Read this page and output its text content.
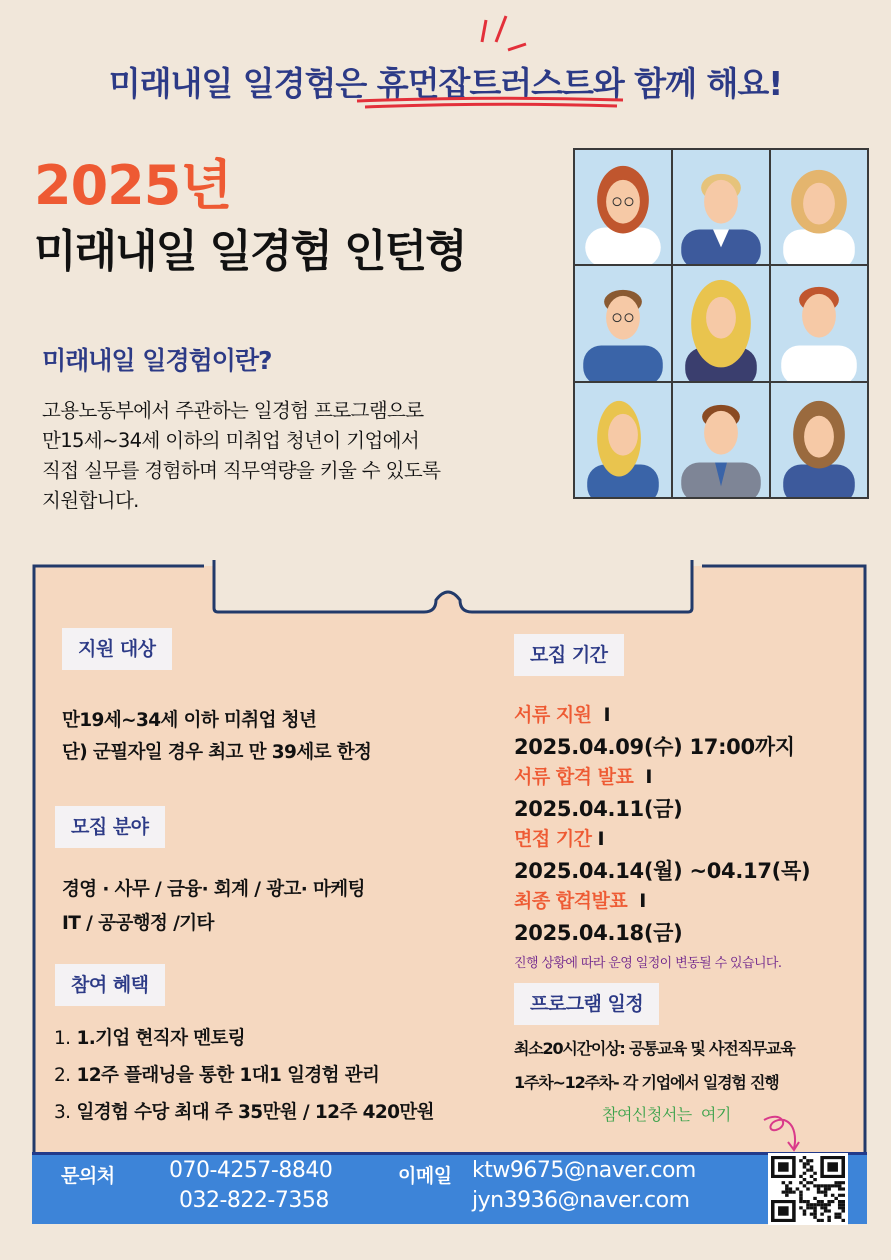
미래내일 일경험은 휴먼잡트러스트와 함께 해요!
2025년
미래내일 일경험 인턴형
미래내일 일경험이란?
고용노동부에서 주관하는 일경험 프로그램으로
만15세~34세 이하의 미취업 청년이 기업에서
직접 실무를 경험하며 직무역량을 키울 수 있도록
지원합니다.
지원 대상
만19세~34세 이하 미취업 청년
단) 군필자일 경우 최고 만 39세로 한정
모집 분야
경영 · 사무 / 금융· 회계 / 광고· 마케팅
IT / 공공행정 /기타
참여 혜택
1. 1.기업 현직자 멘토링
2. 12주 플래닝을 통한 1대1 일경험 관리
3. 일경험 수당 최대 주 35만원 / 12주 420만원
모집 기간
서류 지원 I
2025.04.09(수) 17:00까지
서류 합격 발표 I
2025.04.11(금)
면접 기간 I
2025.04.14(월) ~04.17(목)
최종 합격발표 I
2025.04.18(금)
진행 상황에 따라 운영 일정이 변동될 수 있습니다.
프로그램 일정
최소20시간이상: 공통교육 및 사전직무교육
1주차~12주차- 각 기업에서 일경험 진행
참여신청서는 여기
문의처 070-4257-8840
032-822-7358
이메일 ktw9675@naver.com
jyn3936@naver.com
